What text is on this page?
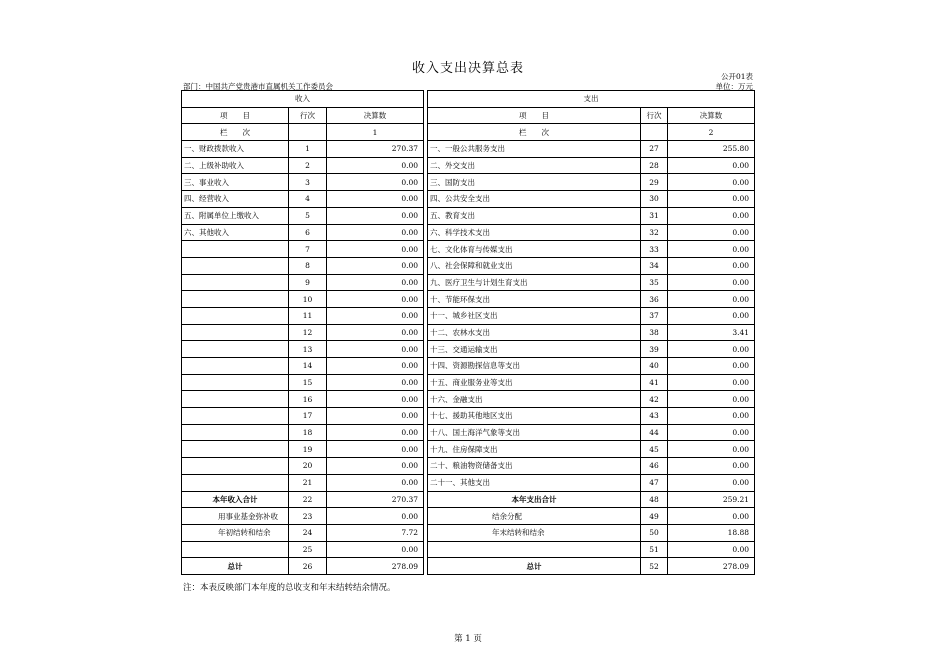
收入支出决算总表
公开01表
部门：中国共产党贵港市直属机关工作委员会	单位：万元
收入				支出		
项　　目	行次	决算数		项　　目	行次	决算数
栏　　次		1		栏　　次		2
一、财政拨款收入	1	270.37		一、一般公共服务支出	27	255.80
二、上级补助收入	2	0.00		二、外交支出	28	0.00
三、事业收入	3	0.00		三、国防支出	29	0.00
四、经营收入	4	0.00		四、公共安全支出	30	0.00
五、附属单位上缴收入	5	0.00		五、教育支出	31	0.00
六、其他收入	6	0.00		六、科学技术支出	32	0.00
	7	0.00		七、文化体育与传媒支出	33	0.00
	8	0.00		八、社会保障和就业支出	34	0.00
	9	0.00		九、医疗卫生与计划生育支出	35	0.00
	10	0.00		十、节能环保支出	36	0.00
	11	0.00		十一、城乡社区支出	37	0.00
	12	0.00		十二、农林水支出	38	3.41
	13	0.00		十三、交通运输支出	39	0.00
	14	0.00		十四、资源勘探信息等支出	40	0.00
	15	0.00		十五、商业服务业等支出	41	0.00
	16	0.00		十六、金融支出	42	0.00
	17	0.00		十七、援助其他地区支出	43	0.00
	18	0.00		十八、国土海洋气象等支出	44	0.00
	19	0.00		十九、住房保障支出	45	0.00
	20	0.00		二十、粮油物资储备支出	46	0.00
	21	0.00		二十一、其他支出	47	0.00
本年收入合计	22	270.37		本年支出合计	48	259.21
用事业基金弥补收	23	0.00		结余分配	49	0.00
年初结转和结余	24	7.72		年末结转和结余	50	18.88
	25	0.00			51	0.00
总计	26	278.09		总计	52	278.09
注：本表反映部门本年度的总收支和年末结转结余情况。
第 1 页
